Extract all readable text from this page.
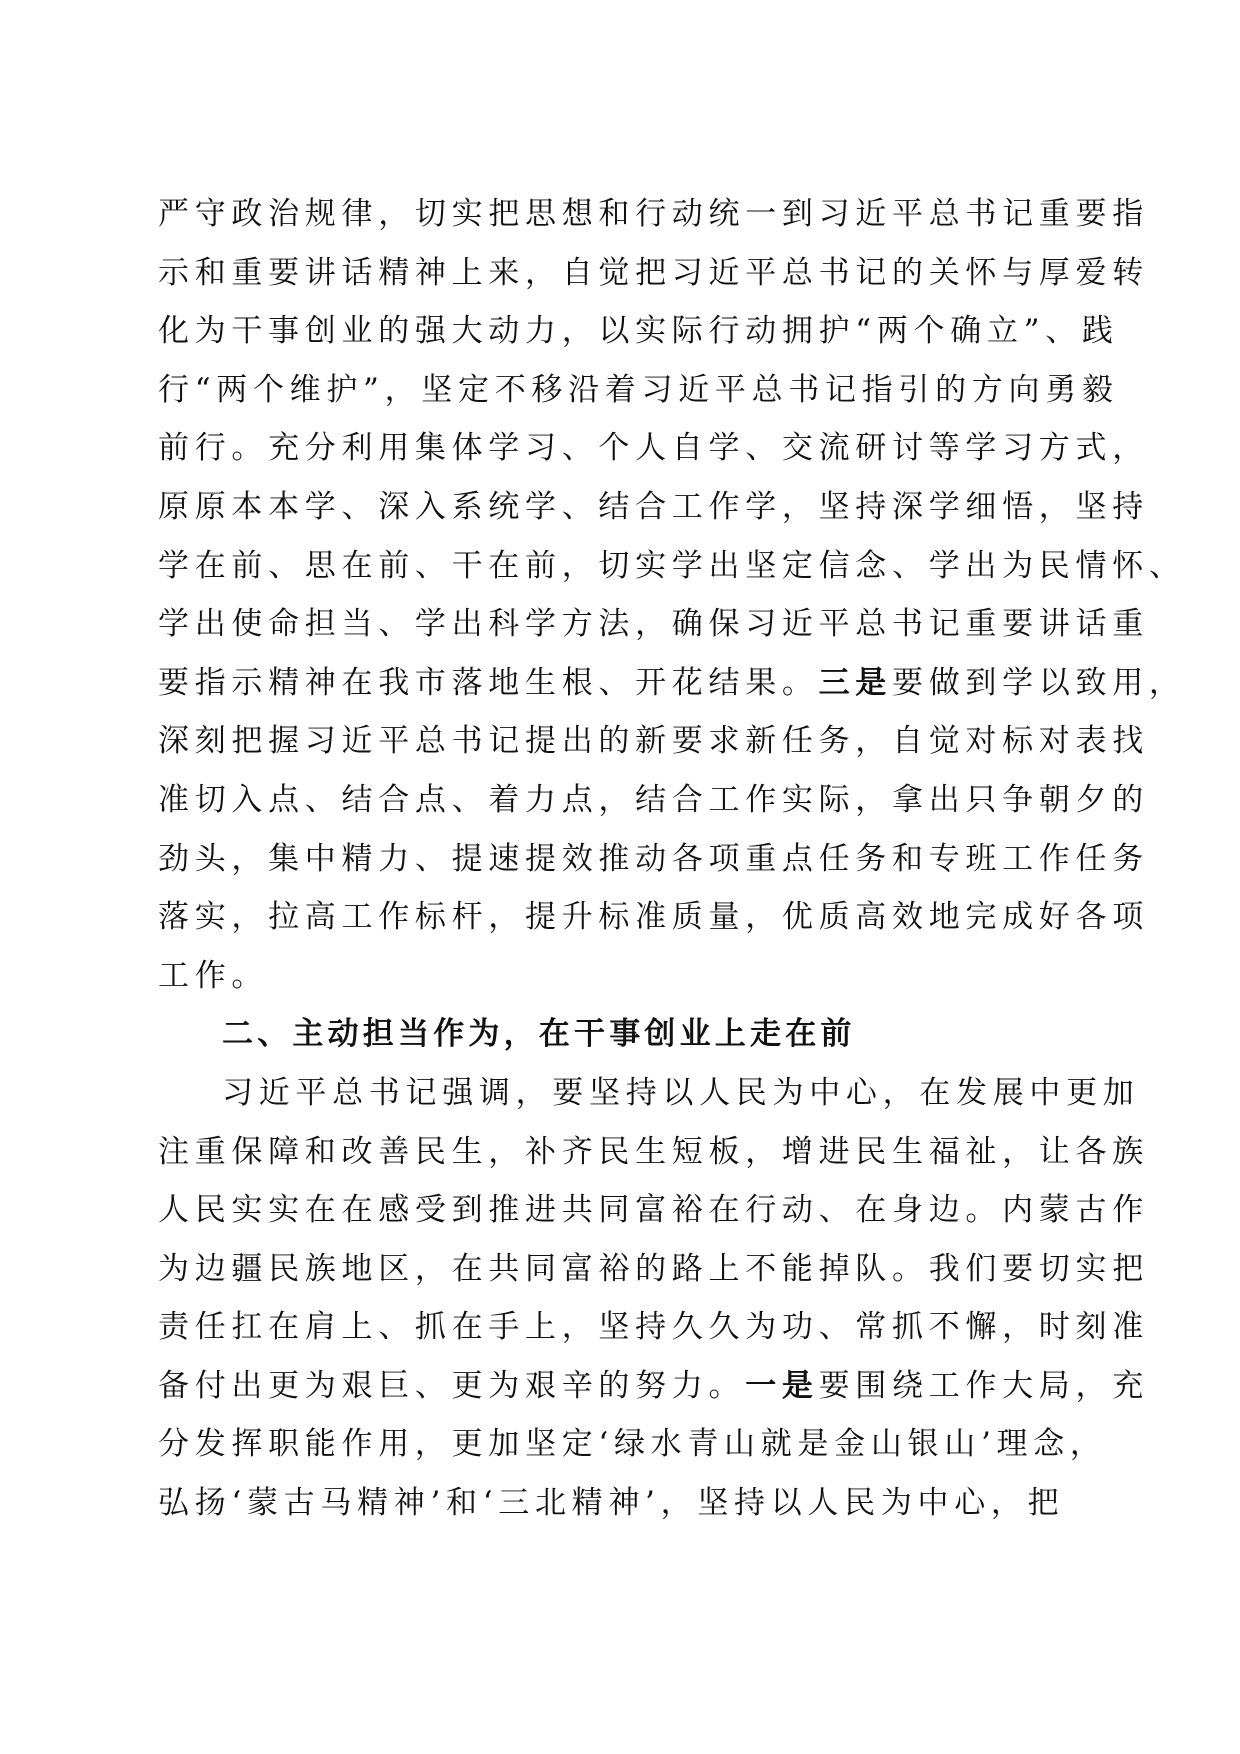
严守政治规律，切实把思想和行动统一到习近平总书记重要指
示和重要讲话精神上来，自觉把习近平总书记的关怀与厚爱转
化为干事创业的强大动力，以实际行动拥护“两个确立”、践
行“两个维护”，坚定不移沿着习近平总书记指引的方向勇毅
前行。充分利用集体学习、个人自学、交流研讨等学习方式，
原原本本学、深入系统学、结合工作学，坚持深学细悟，坚持
学在前、思在前、干在前，切实学出坚定信念、学出为民情怀、
学出使命担当、学出科学方法，确保习近平总书记重要讲话重
要指示精神在我市落地生根、开花结果。三是要做到学以致用，
深刻把握习近平总书记提出的新要求新任务，自觉对标对表找
准切入点、结合点、着力点，结合工作实际，拿出只争朝夕的
劲头，集中精力、提速提效推动各项重点任务和专班工作任务
落实，拉高工作标杆，提升标准质量，优质高效地完成好各项
工作。
二、主动担当作为，在干事创业上走在前
习近平总书记强调，要坚持以人民为中心，在发展中更加
注重保障和改善民生，补齐民生短板，增进民生福祉，让各族
人民实实在在感受到推进共同富裕在行动、在身边。内蒙古作
为边疆民族地区，在共同富裕的路上不能掉队。我们要切实把
责任扛在肩上、抓在手上，坚持久久为功、常抓不懈，时刻准
备付出更为艰巨、更为艰辛的努力。一是要围绕工作大局，充
分发挥职能作用，更加坚定‘绿水青山就是金山银山’理念，
弘扬‘蒙古马精神’和‘三北精神’，坚持以人民为中心，把
